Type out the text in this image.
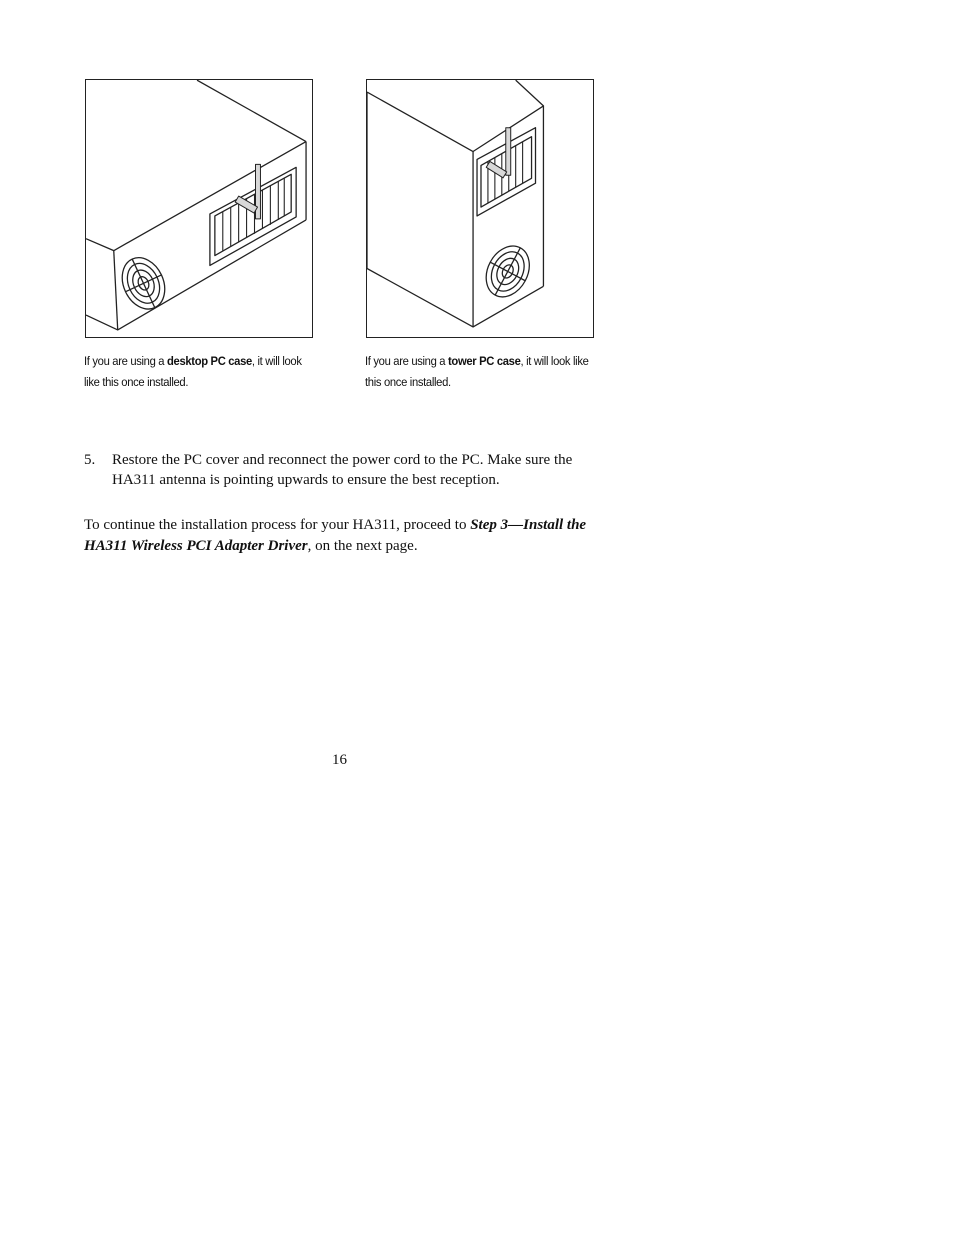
If you are using a desktop PC case, it will look like this once installed.
If you are using a tower PC case, it will look like this once installed.
5. Restore the PC cover and reconnect the power cord to the PC. Make sure the HA311 antenna is pointing upwards to ensure the best reception.
To continue the installation process for your HA311, proceed to Step 3—Install the HA311 Wireless PCI Adapter Driver, on the next page.
16
